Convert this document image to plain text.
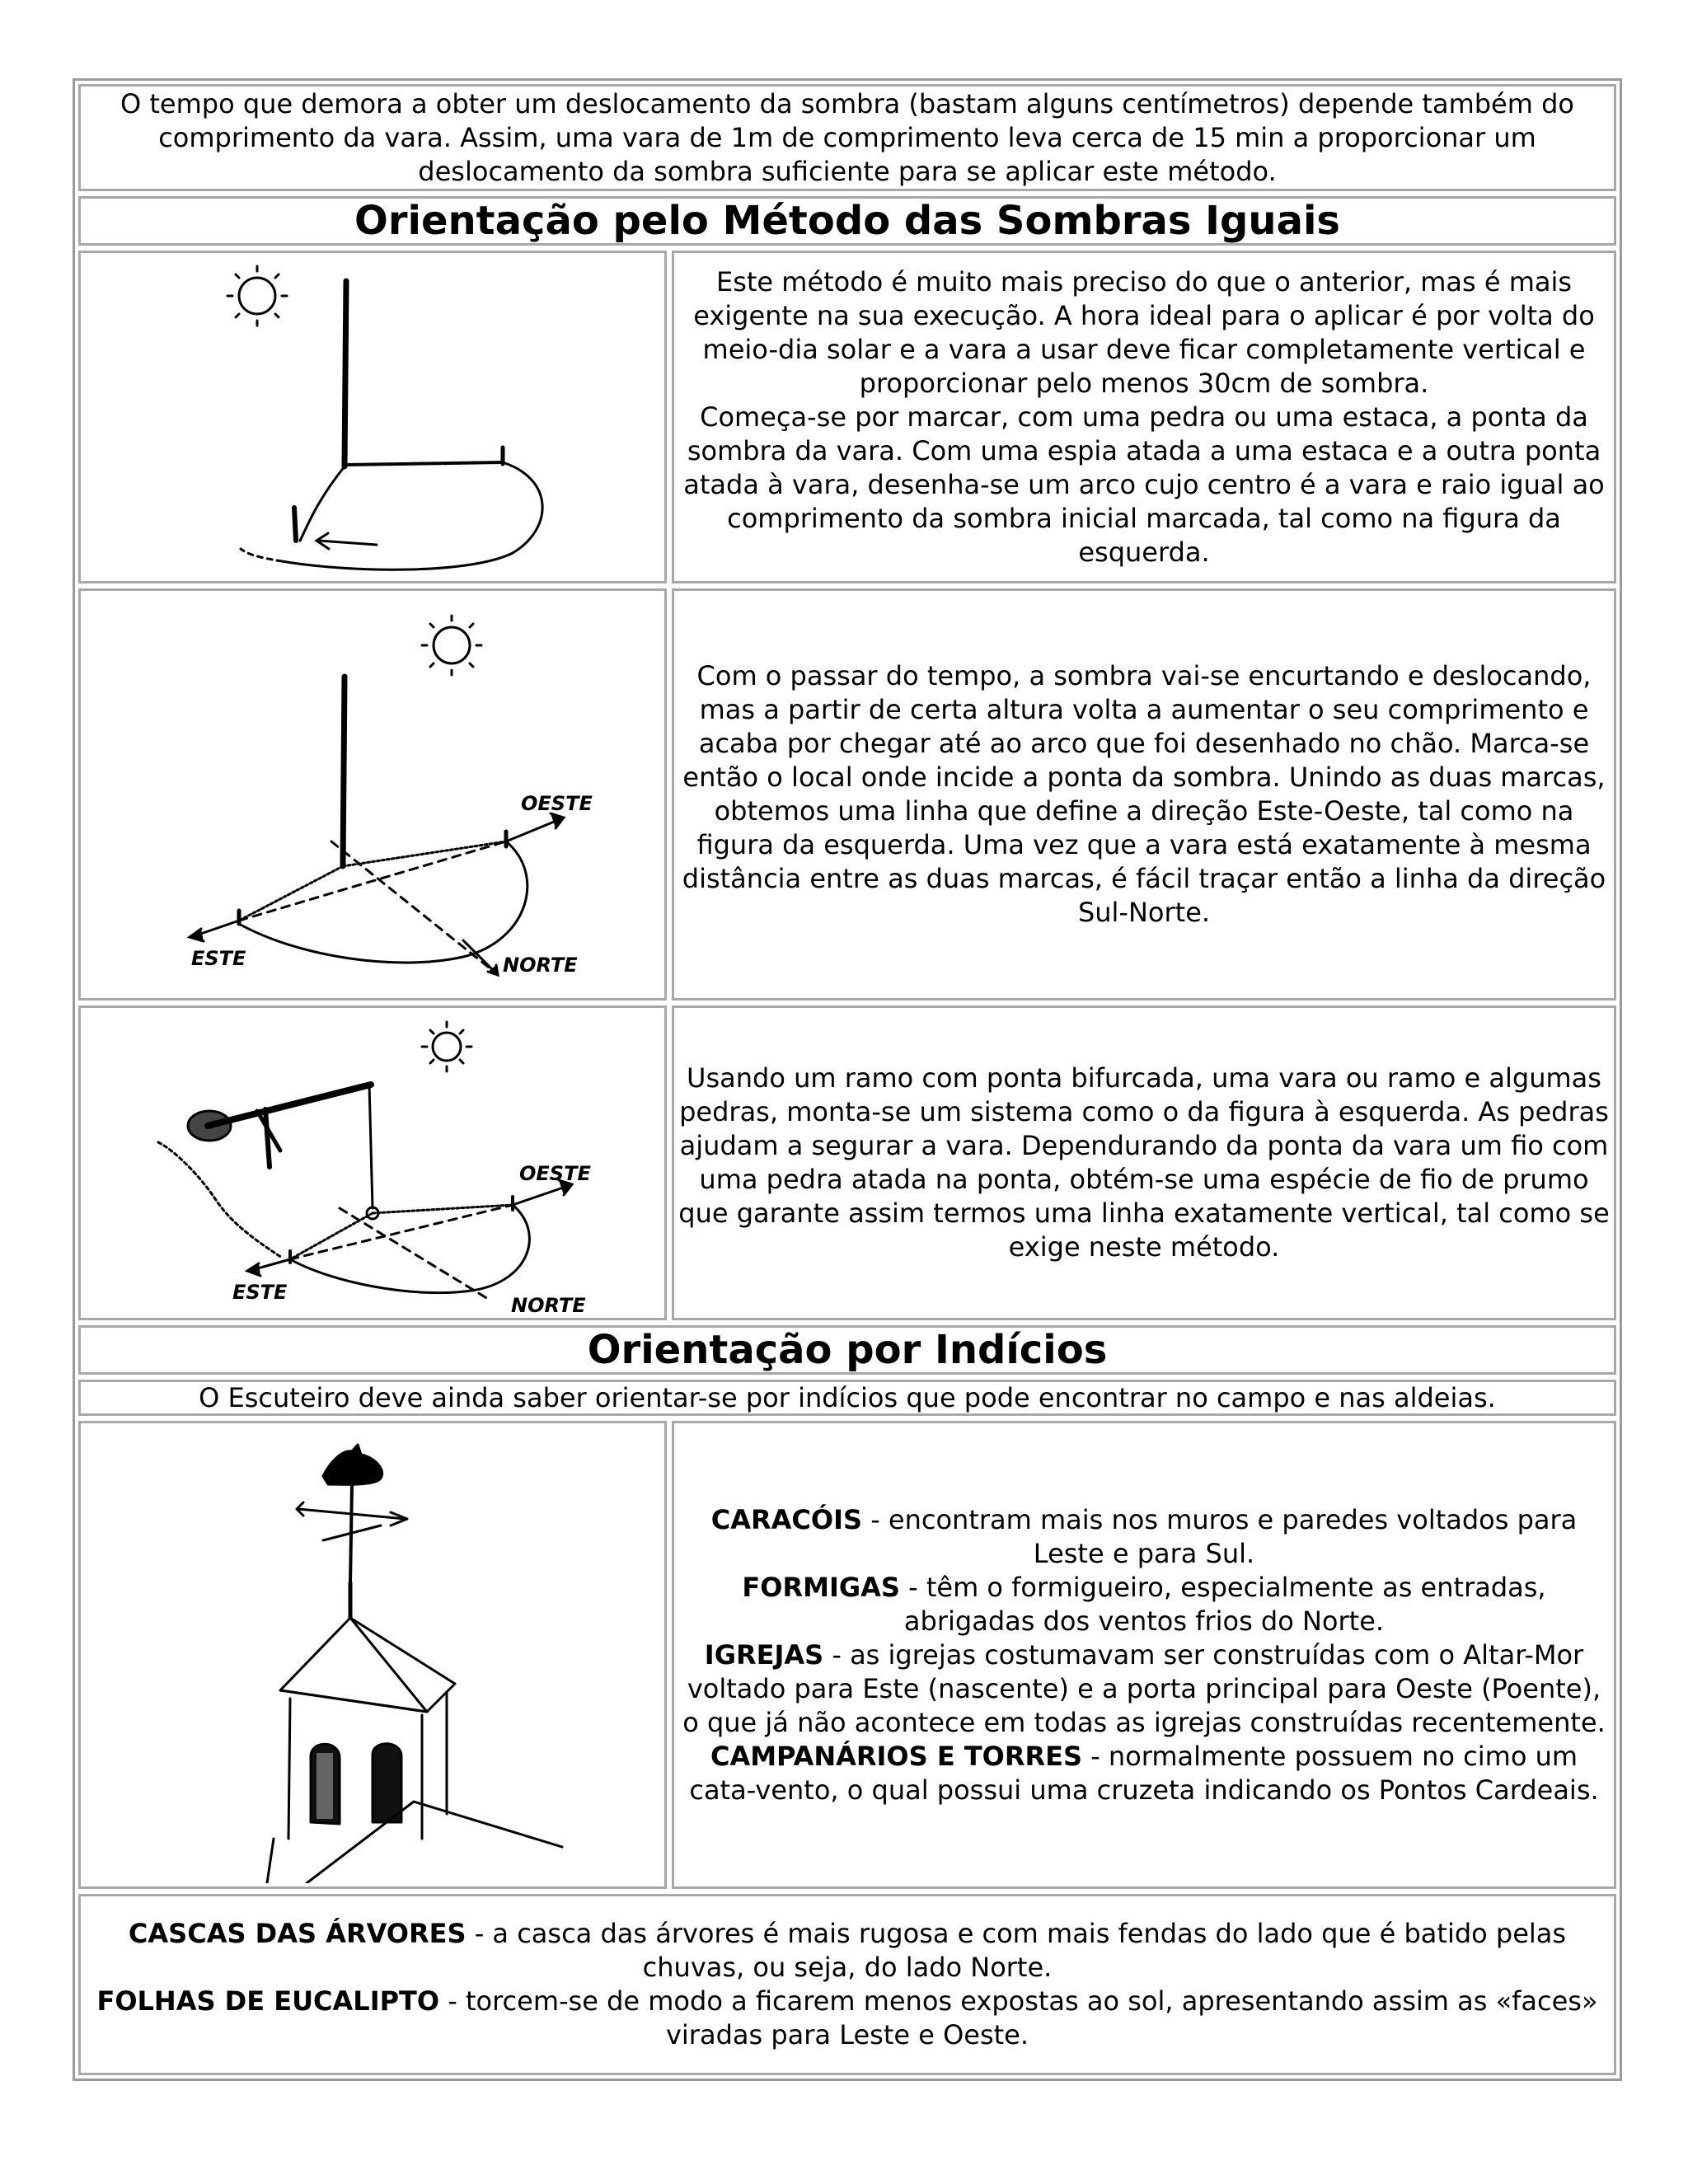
O tempo que demora a obter um deslocamento da sombra (bastam alguns centímetros) depende também do comprimento da vara. Assim, uma vara de 1m de comprimento leva cerca de 15 min a proporcionar um deslocamento da sombra suficiente para se aplicar este método.

Orientação pelo Método das Sombras Iguais

Este método é muito mais preciso do que o anterior, mas é mais exigente na sua execução. A hora ideal para o aplicar é por volta do meio-dia solar e a vara a usar deve ficar completamente vertical e proporcionar pelo menos 30cm de sombra.

Começa-se por marcar, com uma pedra ou uma estaca, a ponta da sombra da vara. Com uma espia atada a uma estaca e a outra ponta atada à vara, desenha-se um arco cujo centro é a vara e raio igual ao comprimento da sombra inicial marcada, tal como na figura da esquerda.

OESTE
ESTE	NORTE

Com o passar do tempo, a sombra vai-se encurtando e deslocando, mas a partir de certa altura volta a aumentar o seu comprimento e acaba por chegar até ao arco que foi desenhado no chão. Marca-se então o local onde incide a ponta da sombra. Unindo as duas marcas, obtemos uma linha que define a direção Este-Oeste, tal como na figura da esquerda. Uma vez que a vara está exatamente à mesma distância entre as duas marcas, é fácil traçar então a linha da direção Sul-Norte.

OESTE
ESTE
NORTE

Usando um ramo com ponta bifurcada, uma vara ou ramo e algumas pedras, monta-se um sistema como o da figura à esquerda. As pedras ajudam a segurar a vara. Dependurando da ponta da vara um fio com uma pedra atada na ponta, obtém-se uma espécie de fio de prumo que garante assim termos uma linha exatamente vertical, tal como se exige neste método.

Orientação por Indícios
O Escuteiro deve ainda saber orientar-se por indícios que pode encontrar no campo e nas aldeias.

CARACÓIS - encontram mais nos muros e paredes voltados para Leste e para Sul.

FORMIGAS - têm o formigueiro, especialmente as entradas, abrigadas dos ventos frios do Norte.

IGREJAS - as igrejas costumavam ser construídas com o Altar-Mor voltado para Este (nascente) e a porta principal para Oeste (Poente), o que já não acontece em todas as igrejas construídas recentemente.

CAMPANÁRIOS E TORRES - normalmente possuem no cimo um cata-vento, o qual possui uma cruzeta indicando os Pontos Cardeais.

CASCAS DAS ÁRVORES - a casca das árvores é mais rugosa e com mais fendas do lado que é batido pelas chuvas, ou seja, do lado Norte.

FOLHAS DE EUCALIPTO - torcem-se de modo a ficarem menos expostas ao sol, apresentando assim as «faces» viradas para Leste e Oeste.
